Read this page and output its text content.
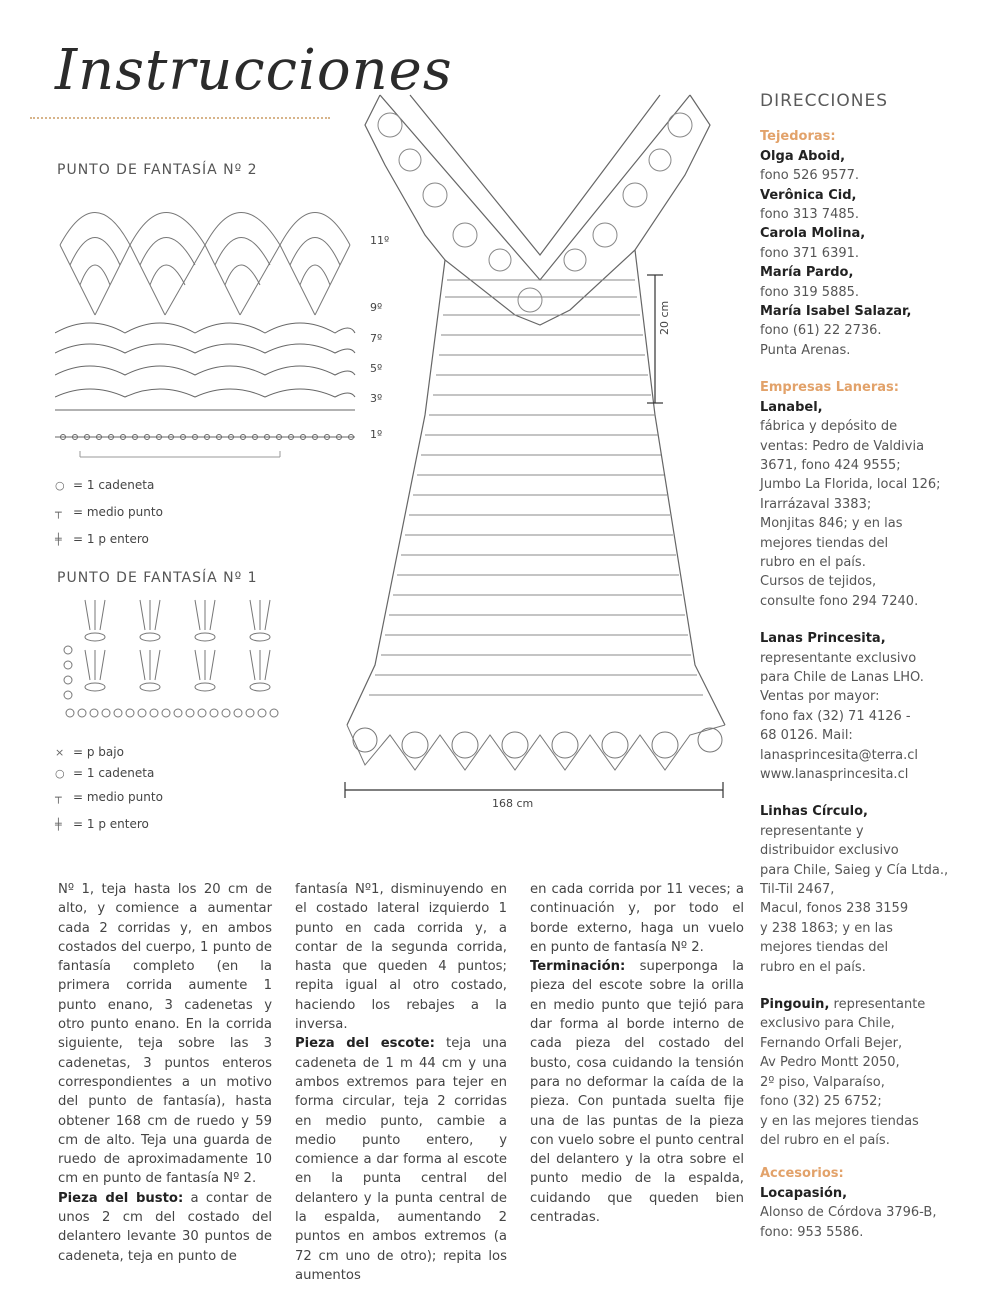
Instrucciones
PUNTO DE FANTASÍA Nº 2
11º
9º
7º
5º
3º
1º
○ = 1 cadeneta
┬ = medio punto
╪ = 1 p entero
PUNTO DE FANTASÍA Nº 1
× = p bajo
○ = 1 cadeneta
┬ = medio punto
╪ = 1 p entero
20 cm
168 cm
DIRECCIONES
Tejedoras:

Olga Aboid,

fono 526 9577.

Verônica Cid,

fono 313 7485.

Carola Molina,

fono 371 6391.

María Pardo,

fono 319 5885.

María Isabel Salazar,

fono (61) 22 2736.

Punta Arenas.

Empresas Laneras:

Lanabel,

fábrica y depósito de

ventas: Pedro de Valdivia

3671, fono 424 9555;

Jumbo La Florida, local 126;

Irarrázaval 3383;

Monjitas 846; y en las

mejores tiendas del

rubro en el país.

Cursos de tejidos,

consulte fono 294 7240.

Lanas Princesita,

representante exclusivo

para Chile de Lanas LHO.

Ventas por mayor:

fono fax (32) 71 4126 -

68 0126. Mail:

lanasprincesita@terra.cl

www.lanasprincesita.cl

Linhas Círculo,

representante y

distribuidor exclusivo

para Chile, Saieg y Cía Ltda.,

Til-Til 2467,

Macul, fonos 238 3159

y 238 1863; y en las

mejores tiendas del

rubro en el país.

Pingouin, representante

exclusivo para Chile,

Fernando Orfali Bejer,

Av Pedro Montt 2050,

2º piso, Valparaíso,

fono (32) 25 6752;

y en las mejores tiendas

del rubro en el país.

Accesorios:

Locapasión,

Alonso de Córdova 3796-B,

fono: 953 5586.

Nº 1, teja hasta los 20 cm de alto, y comience a aumentar cada 2 corridas y, en ambos costados del cuerpo, 1 punto de fantasía completo (en la primera corrida aumente 1 punto enano, 3 cadenetas y otro punto enano. En la corrida siguiente, teja sobre las 3 cadenetas, 3 puntos enteros correspondientes a un motivo del punto de fantasía), hasta obtener 168 cm de ruedo y 59 cm de alto. Teja una guarda de ruedo de aproximadamente 10 cm en punto de fantasía Nº 2.
Pieza del busto: a contar de unos 2 cm del costado del delantero levante 30 puntos de cadeneta, teja en punto de
fantasía Nº1, disminuyendo en el costado lateral izquierdo 1 punto en cada corrida y, a contar de la segunda corrida, hasta que queden 4 puntos; repita igual al otro costado, haciendo los rebajes a la inversa.
Pieza del escote: teja una cadeneta de 1 m 44 cm y una ambos extremos para tejer en forma circular, teja 2 corridas en medio punto, cambie a medio punto entero, y comience a dar forma al escote en la punta central del delantero y la punta central de la espalda, aumentando 2 puntos en ambos extremos (a 72 cm uno de otro); repita los aumentos
en cada corrida por 11 veces; a continuación y, por todo el borde externo, haga un vuelo en punto de fantasía Nº 2.
Terminación: superponga la pieza del escote sobre la orilla en medio punto que tejió para dar forma al borde interno de cada pieza del costado del busto, cosa cuidando la tensión para no deformar la caída de la pieza. Con puntada suelta fije una de las puntas de la pieza con vuelo sobre el punto central del delantero y la otra sobre el punto medio de la espalda, cuidando que queden bien centradas.
